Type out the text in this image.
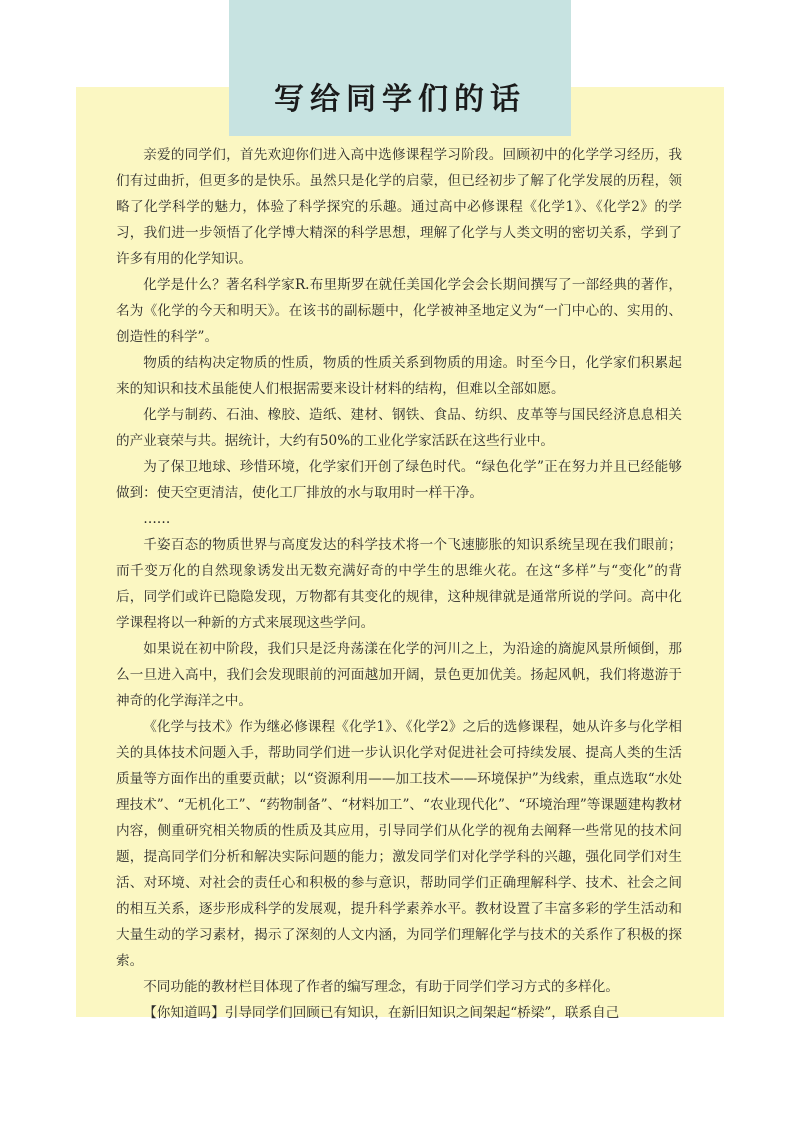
写给同学们的话

亲爱的同学们，首先欢迎你们进入高中选修课程学习阶段。回顾初中的化学学习经历，我们有过曲折，但更多的是快乐。虽然只是化学的启蒙，但已经初步了解了化学发展的历程，领略了化学科学的魅力，体验了科学探究的乐趣。通过高中必修课程《化学1》、《化学2》的学习，我们进一步领悟了化学博大精深的科学思想，理解了化学与人类文明的密切关系，学到了许多有用的化学知识。

化学是什么？著名科学家R.布里斯罗在就任美国化学会会长期间撰写了一部经典的著作，名为《化学的今天和明天》。在该书的副标题中，化学被神圣地定义为“一门中心的、实用的、创造性的科学”。

物质的结构决定物质的性质，物质的性质关系到物质的用途。时至今日，化学家们积累起来的知识和技术虽能使人们根据需要来设计材料的结构，但难以全部如愿。

化学与制药、石油、橡胶、造纸、建材、钢铁、食品、纺织、皮革等与国民经济息息相关的产业衰荣与共。据统计，大约有50%的工业化学家活跃在这些行业中。

为了保卫地球、珍惜环境，化学家们开创了绿色时代。“绿色化学”正在努力并且已经能够做到：使天空更清洁，使化工厂排放的水与取用时一样干净。

……

千姿百态的物质世界与高度发达的科学技术将一个飞速膨胀的知识系统呈现在我们眼前；而千变万化的自然现象诱发出无数充满好奇的中学生的思维火花。在这“多样”与“变化”的背后，同学们或许已隐隐发现，万物都有其变化的规律，这种规律就是通常所说的学问。高中化学课程将以一种新的方式来展现这些学问。

如果说在初中阶段，我们只是泛舟荡漾在化学的河川之上，为沿途的旖旎风景所倾倒，那么一旦进入高中，我们会发现眼前的河面越加开阔，景色更加优美。扬起风帆，我们将遨游于神奇的化学海洋之中。

《化学与技术》作为继必修课程《化学1》、《化学2》之后的选修课程，她从许多与化学相关的具体技术问题入手，帮助同学们进一步认识化学对促进社会可持续发展、提高人类的生活质量等方面作出的重要贡献；以“资源利用——加工技术——环境保护”为线索，重点选取“水处理技术”、“无机化工”、“药物制备”、“材料加工”、“农业现代化”、“环境治理”等课题建构教材内容，侧重研究相关物质的性质及其应用，引导同学们从化学的视角去阐释一些常见的技术问题，提高同学们分析和解决实际问题的能力；激发同学们对化学学科的兴趣，强化同学们对生活、对环境、对社会的责任心和积极的参与意识，帮助同学们正确理解科学、技术、社会之间的相互关系，逐步形成科学的发展观，提升科学素养水平。教材设置了丰富多彩的学生活动和大量生动的学习素材，揭示了深刻的人文内涵，为同学们理解化学与技术的关系作了积极的探索。

不同功能的教材栏目体现了作者的编写理念，有助于同学们学习方式的多样化。

【你知道吗】引导同学们回顾已有知识，在新旧知识之间架起“桥梁”，联系自己
